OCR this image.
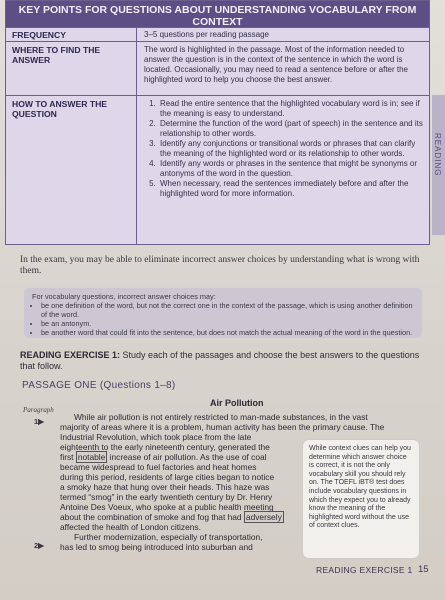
KEY POINTS FOR QUESTIONS ABOUT UNDERSTANDING VOCABULARY FROM CONTEXT
FREQUENCY	3–5 questions per reading passage
WHERE TO FIND THE ANSWER
The word is highlighted in the passage. Most of the information needed to answer the question is in the context of the sentence in which the word is located. Occasionally, you may need to read a sentence before or after the highlighted word to help you choose the best answer.
HOW TO ANSWER THE QUESTION
1. Read the entire sentence that the highlighted vocabulary word is in; see if the meaning is easy to understand.
2. Determine the function of the word (part of speech) in the sentence and its relationship to other words.
3. Identify any conjunctions or transitional words or phrases that can clarify the meaning of the highlighted word or its relationship to other words.
4. Identify any words or phrases in the sentence that might be synonyms or antonyms of the word in the question.
5. When necessary, read the sentences immediately before and after the highlighted word for more information.
READING
In the exam, you may be able to eliminate incorrect answer choices by understanding what is wrong with them.
For vocabulary questions, incorrect answer choices may:
• be one definition of the word, but not the correct one in the context of the passage, which is using another definition of the word.
• be an antonym.
• be another word that could fit into the sentence, but does not match the actual meaning of the word in the question.
READING EXERCISE 1: Study each of the passages and choose the best answers to the questions that follow.
PASSAGE ONE (Questions 1–8)
Paragraph
Air Pollution
1▶
2▶
While air pollution is not entirely restricted to man-made substances, in the vast
majority of areas where it is a problem, human activity has been the primary cause. The
Industrial Revolution, which took place from the late
eighteenth to the early nineteenth century, generated the
first notable increase of air pollution. As the use of coal
became widespread to fuel factories and heat homes
during this period, residents of large cities began to notice
a smoky haze that hung over their heads. This haze was
termed “smog” in the early twentieth century by Dr. Henry
Antoine Des Voeux, who spoke at a public health meeting
about the combination of smoke and fog that had adversely
affected the health of London citizens.
Further modernization, especially of transportation,
has led to smog being introduced into suburban and
While context clues can help you determine which answer choice is correct, it is not the only vocabulary skill you should rely on. The TOEFL iBT® test does include vocabulary questions in which they expect you to already know the meaning of the highlighted word without the use of context clues.
READING EXERCISE 1 15
